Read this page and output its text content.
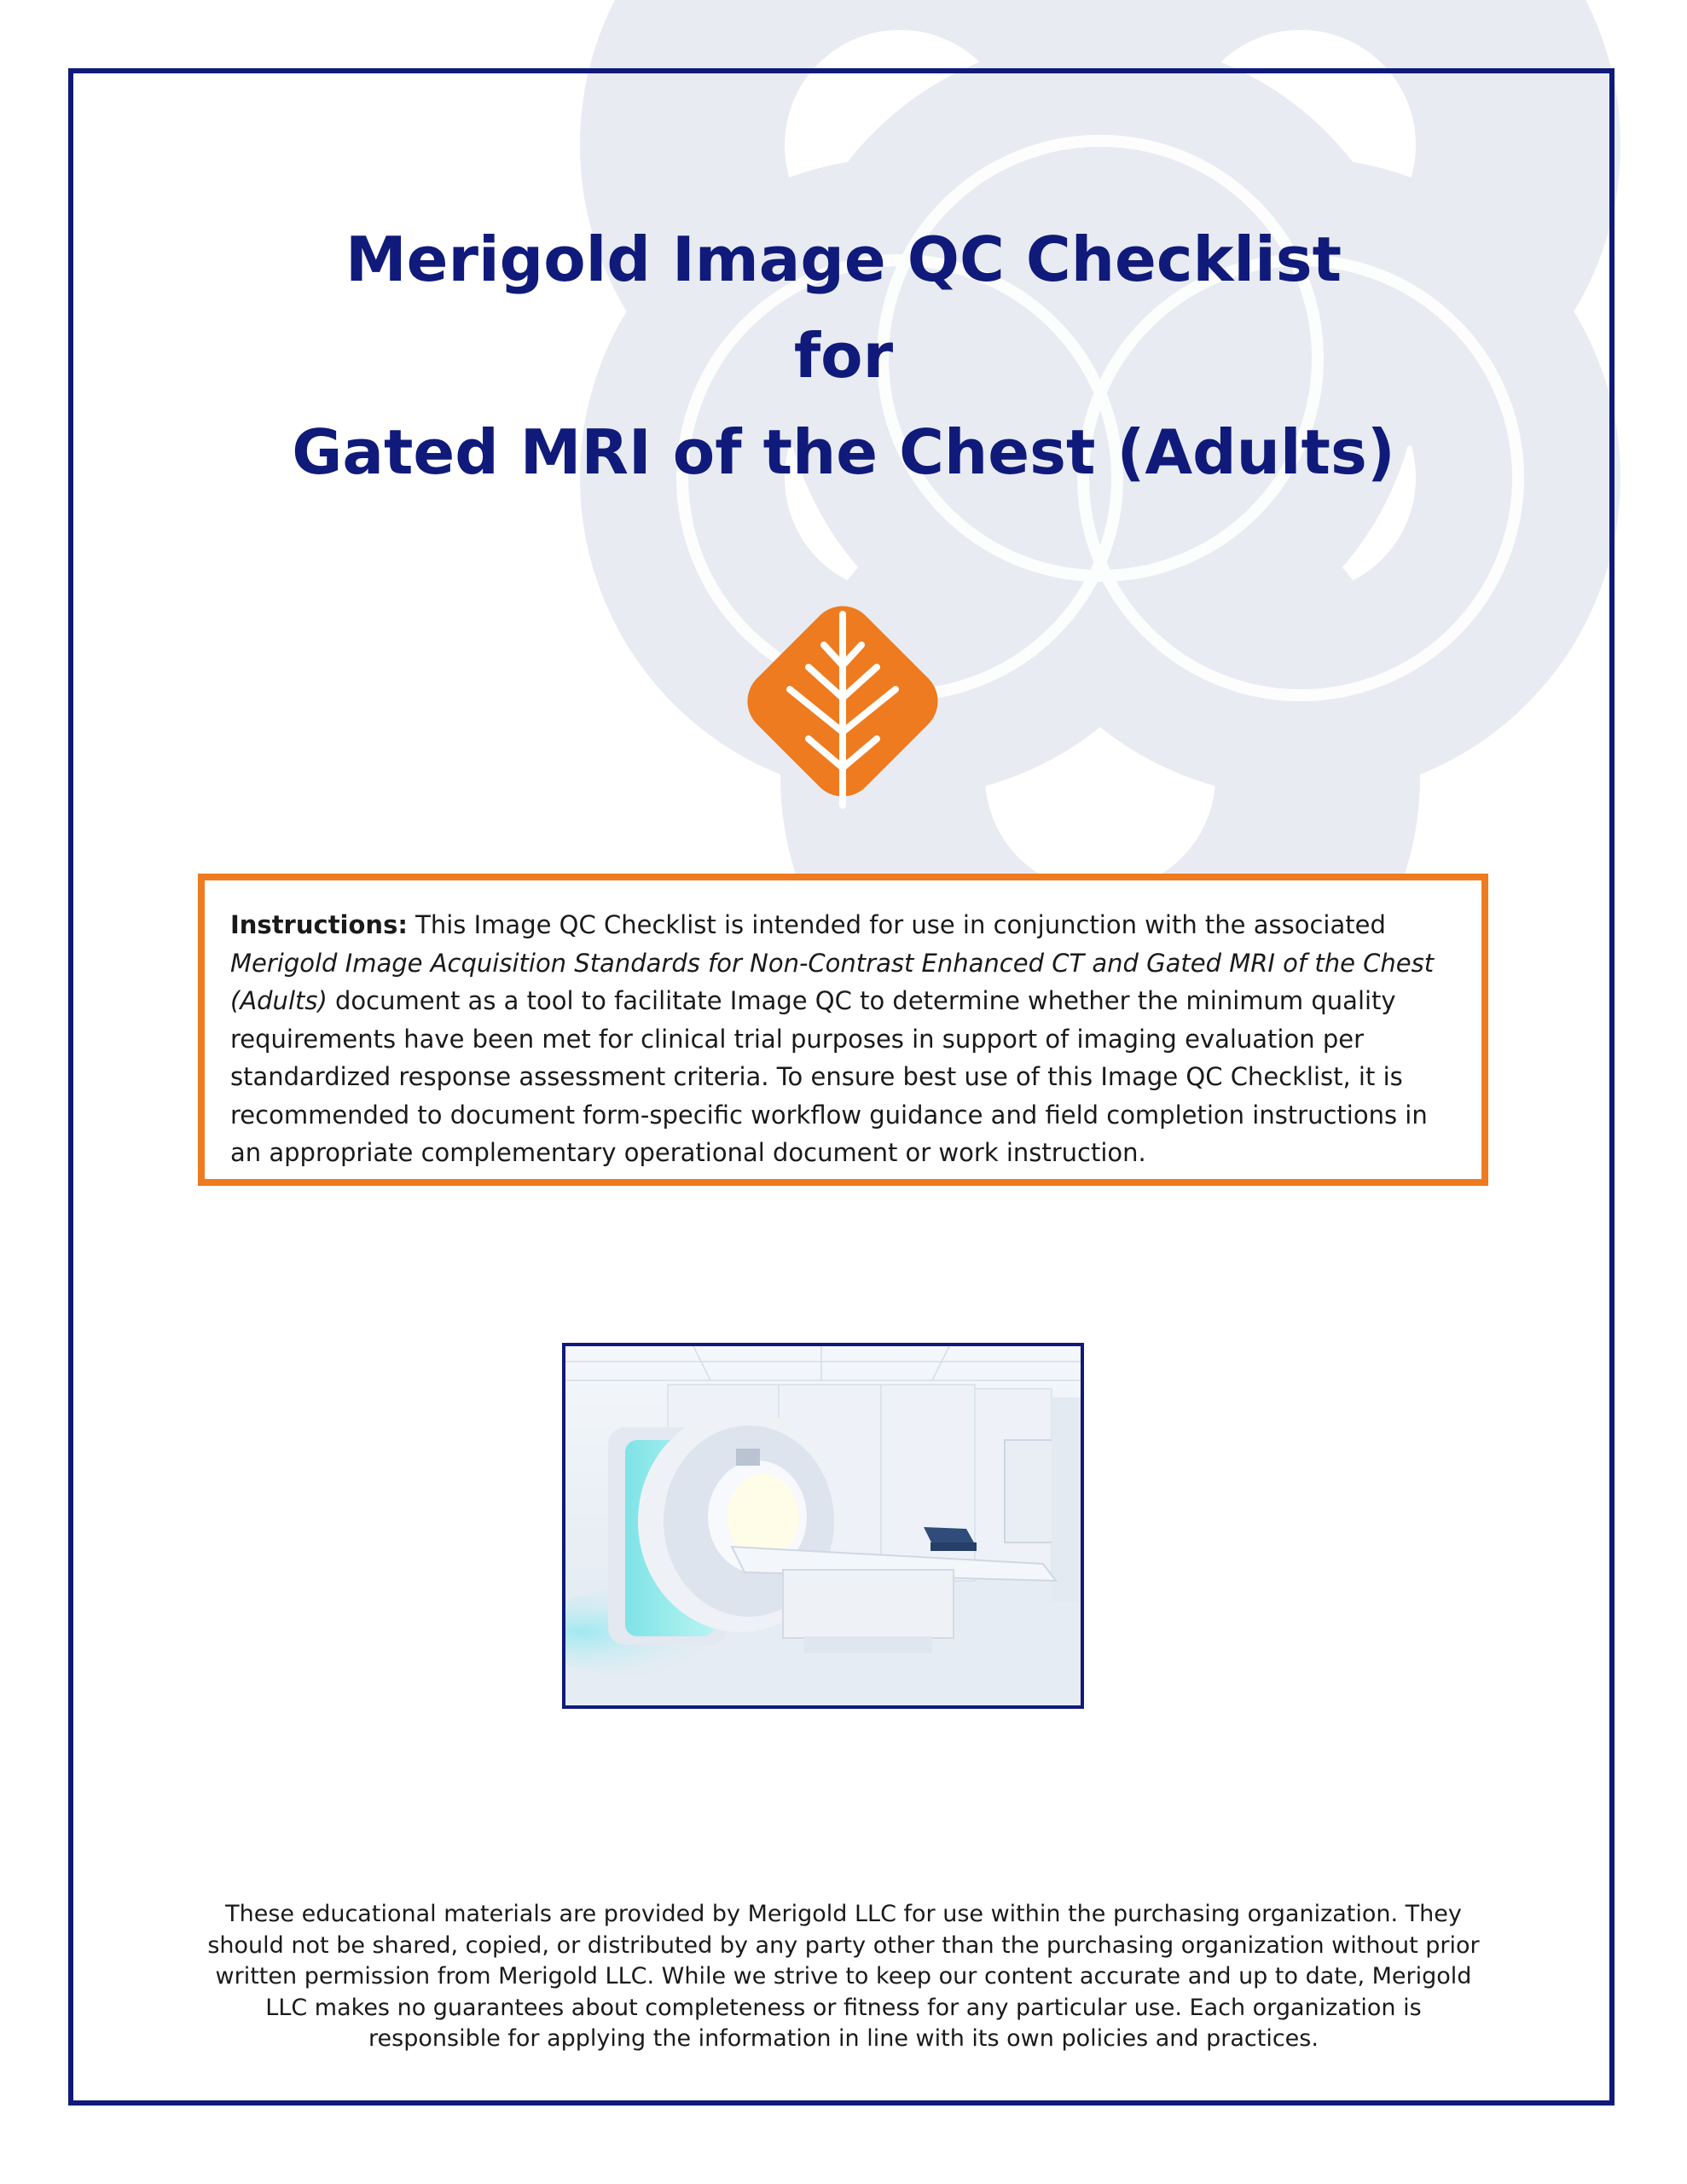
Merigold Image QC Checklist
for
Gated MRI of the Chest (Adults)
Instructions: This Image QC Checklist is intended for use in conjunction with the associated Merigold Image Acquisition Standards for Non-Contrast Enhanced CT and Gated MRI of the Chest (Adults) document as a tool to facilitate Image QC to determine whether the minimum quality requirements have been met for clinical trial purposes in support of imaging evaluation per standardized response assessment criteria. To ensure best use of this Image QC Checklist, it is recommended to document form-specific workflow guidance and field completion instructions in an appropriate complementary operational document or work instruction.
These educational materials are provided by Merigold LLC for use within the purchasing organization. They
should not be shared, copied, or distributed by any party other than the purchasing organization without prior
written permission from Merigold LLC. While we strive to keep our content accurate and up to date, Merigold
LLC makes no guarantees about completeness or fitness for any particular use. Each organization is
responsible for applying the information in line with its own policies and practices.
